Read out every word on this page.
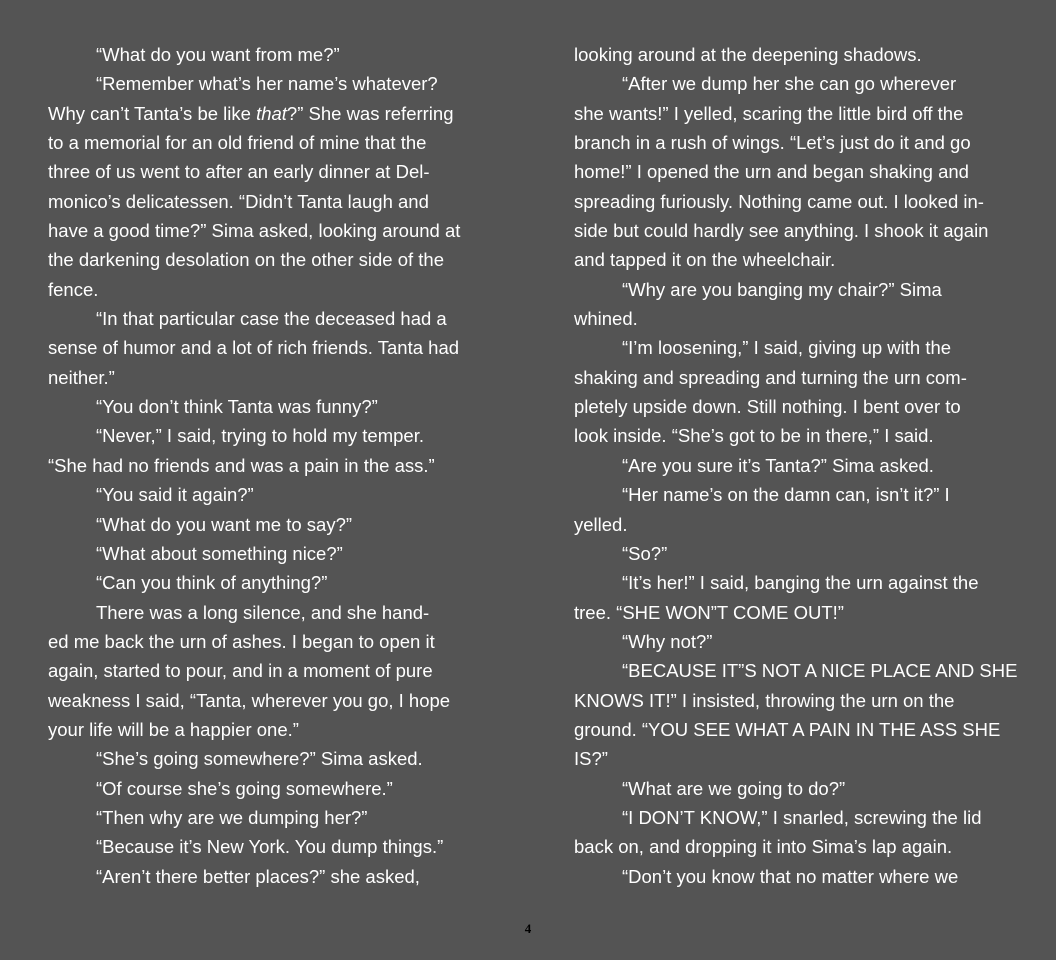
“What do you want from me?”
“Remember what’s her name’s whatever?
Why can’t Tanta’s be like that?” She was referring
to a memorial for an old friend of mine that the
three of us went to after an early dinner at Del-
monico’s delicatessen. “Didn’t Tanta laugh and
have a good time?” Sima asked, looking around at
the darkening desolation on the other side of the
fence.
“In that particular case the deceased had a
sense of humor and a lot of rich friends. Tanta had
neither.”
“You don’t think Tanta was funny?”
“Never,” I said, trying to hold my temper.
“She had no friends and was a pain in the ass.”
“You said it again?”
“What do you want me to say?”
“What about something nice?”
“Can you think of anything?”
There was a long silence, and she hand-
ed me back the urn of ashes. I began to open it
again, started to pour, and in a moment of pure
weakness I said, “Tanta, wherever you go, I hope
your life will be a happier one.”
“She’s going somewhere?” Sima asked.
“Of course she’s going somewhere.”
“Then why are we dumping her?”
“Because it’s New York. You dump things.”
“Aren’t there better places?” she asked,
looking around at the deepening shadows.
“After we dump her she can go wherever
she wants!” I yelled, scaring the little bird off the
branch in a rush of wings. “Let’s just do it and go
home!” I opened the urn and began shaking and
spreading furiously. Nothing came out. I looked in-
side but could hardly see anything. I shook it again
and tapped it on the wheelchair.
“Why are you banging my chair?” Sima
whined.
“I’m loosening,” I said, giving up with the
shaking and spreading and turning the urn com-
pletely upside down. Still nothing. I bent over to
look inside. “She’s got to be in there,” I said.
“Are you sure it’s Tanta?” Sima asked.
“Her name’s on the damn can, isn’t it?” I
yelled.
“So?”
“It’s her!” I said, banging the urn against the
tree. “SHE WON”T COME OUT!”
“Why not?”
“BECAUSE IT”S NOT A NICE PLACE AND SHE
KNOWS IT!” I insisted, throwing the urn on the
ground. “YOU SEE WHAT A PAIN IN THE ASS SHE
IS?”
“What are we going to do?”
“I DON’T KNOW,” I snarled, screwing the lid
back on, and dropping it into Sima’s lap again.
“Don’t you know that no matter where we
4
